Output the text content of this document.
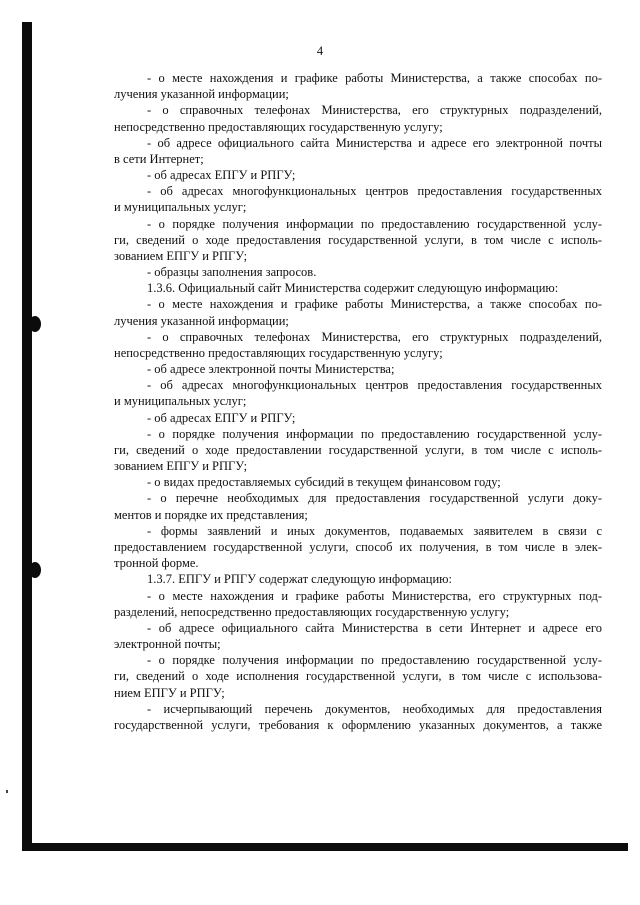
4
- о месте нахождения и графике работы Министерства, а также способах по-
лучения указанной информации;
- о справочных телефонах Министерства, его структурных подразделений,
непосредственно предоставляющих государственную услугу;
- об адресе официального сайта Министерства и адресе его электронной почты
в сети Интернет;
- об адресах ЕПГУ и РПГУ;
- об адресах многофункциональных центров предоставления государственных
и муниципальных услуг;
- о порядке получения информации по предоставлению государственной услу-
ги, сведений о ходе предоставления государственной услуги, в том числе с исполь-
зованием ЕПГУ и РПГУ;
- образцы заполнения запросов.
1.3.6. Официальный сайт Министерства содержит следующую информацию:
- о месте нахождения и графике работы Министерства, а также способах по-
лучения указанной информации;
- о справочных телефонах Министерства, его структурных подразделений,
непосредственно предоставляющих государственную услугу;
- об адресе электронной почты Министерства;
- об адресах многофункциональных центров предоставления государственных
и муниципальных услуг;
- об адресах ЕПГУ и РПГУ;
- о порядке получения информации по предоставлению государственной услу-
ги, сведений о ходе предоставлении государственной услуги, в том числе с исполь-
зованием ЕПГУ и РПГУ;
- о видах предоставляемых субсидий в текущем финансовом году;
- о перечне необходимых для предоставления государственной услуги доку-
ментов и порядке их представления;
- формы заявлений и иных документов, подаваемых заявителем в связи с
предоставлением государственной услуги, способ их получения, в том числе в элек-
тронной форме.
1.3.7. ЕПГУ и РПГУ содержат следующую информацию:
- о месте нахождения и графике работы Министерства, его структурных под-
разделений, непосредственно предоставляющих государственную услугу;
- об адресе официального сайта Министерства в сети Интернет и адресе его
электронной почты;
- о порядке получения информации по предоставлению государственной услу-
ги, сведений о ходе исполнения государственной услуги, в том числе с использова-
нием ЕПГУ и РПГУ;
- исчерпывающий перечень документов, необходимых для предоставления
государственной услуги, требования к оформлению указанных документов, а также
